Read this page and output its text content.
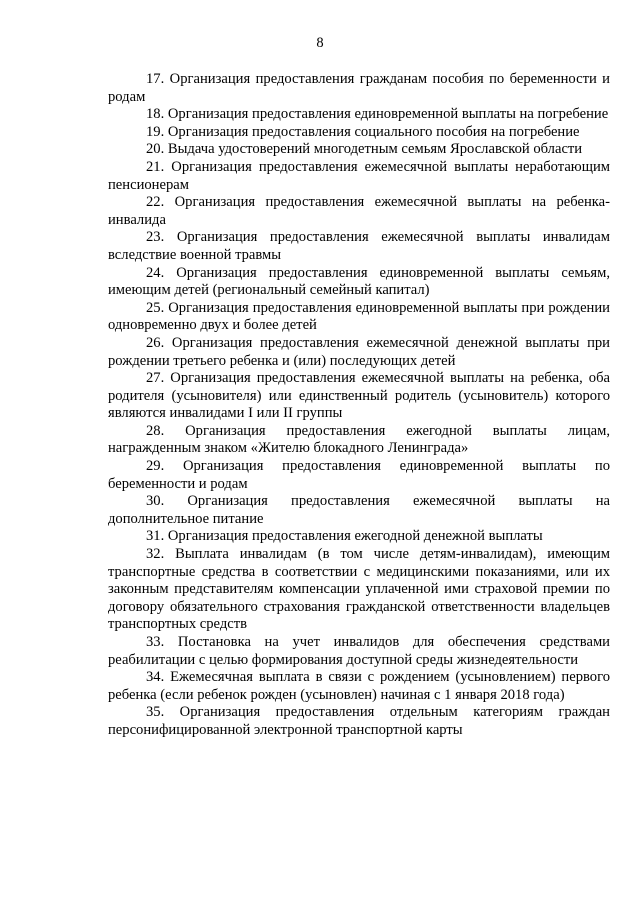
8

17. Организация предоставления гражданам пособия по беременности и родам

18. Организация предоставления единовременной выплаты на погребение

19. Организация предоставления социального пособия на погребение

20. Выдача удостоверений многодетным семьям Ярославской области

21. Организация предоставления ежемесячной выплаты неработающим пенсионерам

22. Организация предоставления ежемесячной выплаты на ребенка-инвалида

23. Организация предоставления ежемесячной выплаты инвалидам вследствие военной травмы

24. Организация предоставления единовременной выплаты семьям, имеющим детей (региональный семейный капитал)

25. Организация предоставления единовременной выплаты при рождении одновременно двух и более детей

26. Организация предоставления ежемесячной денежной выплаты при рождении третьего ребенка и (или) последующих детей

27. Организация предоставления ежемесячной выплаты на ребенка, оба родителя (усыновителя) или единственный родитель (усыновитель) которого являются инвалидами I или II группы

28. Организация предоставления ежегодной выплаты лицам, награжденным знаком «Жителю блокадного Ленинграда»

29. Организация предоставления единовременной выплаты по беременности и родам

30. Организация предоставления ежемесячной выплаты на дополнительное питание

31. Организация предоставления ежегодной денежной выплаты

32. Выплата инвалидам (в том числе детям-инвалидам), имеющим транспортные средства в соответствии с медицинскими показаниями, или их законным представителям компенсации уплаченной ими страховой премии по договору обязательного страхования гражданской ответственности владельцев транспортных средств

33. Постановка на учет инвалидов для обеспечения средствами реабилитации с целью формирования доступной среды жизнедеятельности

34. Ежемесячная выплата в связи с рождением (усыновлением) первого ребенка (если ребенок рожден (усыновлен) начиная с 1 января 2018 года)

35. Организация предоставления отдельным категориям граждан персонифицированной электронной транспортной карты
